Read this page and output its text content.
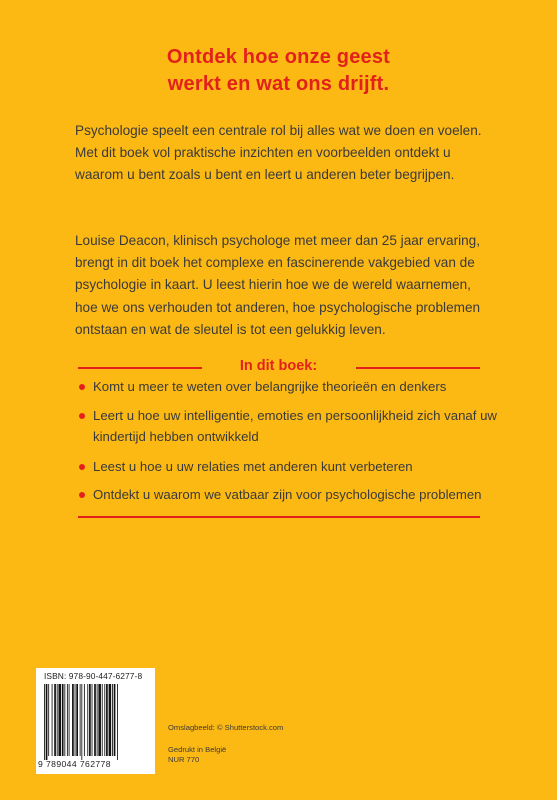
Ontdek hoe onze geest
werkt en wat ons drijft.

Psychologie speelt een centrale rol bij alles wat we doen en voelen. Met dit boek vol praktische inzichten en voorbeelden ontdekt u waarom u bent zoals u bent en leert u anderen beter begrijpen.

Louise Deacon, klinisch psychologe met meer dan 25 jaar ervaring, brengt in dit boek het complexe en fascinerende vakgebied van de psychologie in kaart. U leest hierin hoe we de wereld waarnemen, hoe we ons verhouden tot anderen, hoe psychologische problemen ontstaan en wat de sleutel is tot een gelukkig leven.

In dit boek:
Komt u meer te weten over belangrijke theorieën en denkers
Leert u hoe uw intelligentie, emoties en persoonlijkheid zich vanaf uw kindertijd hebben ontwikkeld
Leest u hoe u uw relaties met anderen kunt verbeteren
Ontdekt u waarom we vatbaar zijn voor psychologische problemen
ISBN: 978-90-447-6277-8
9 789044 762778
Omslagbeeld: © Shutterstock.com
Gedrukt in België
NUR 770
